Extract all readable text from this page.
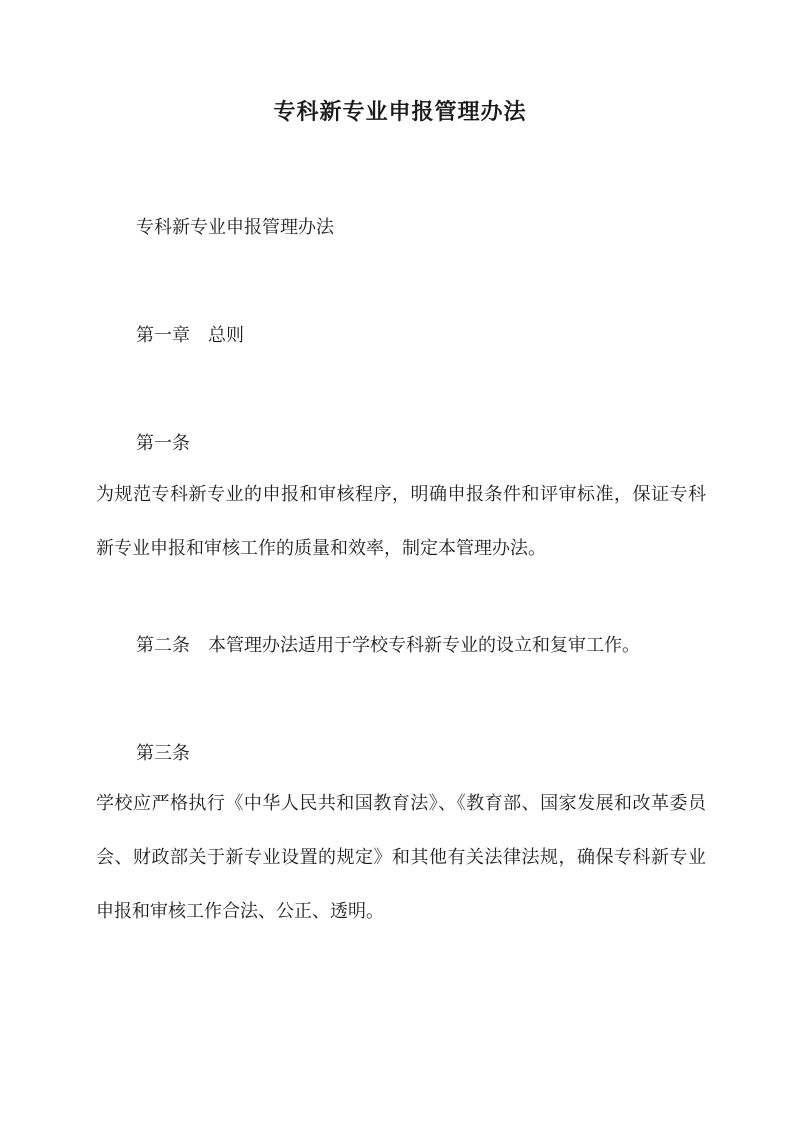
专科新专业申报管理办法
专科新专业申报管理办法
第一章　总则
第一条
为规范专科新专业的申报和审核程序，明确申报条件和评审标准，保证专科新专业申报和审核工作的质量和效率，制定本管理办法。
第二条　本管理办法适用于学校专科新专业的设立和复审工作。
第三条
学校应严格执行《中华人民共和国教育法》、《教育部、国家发展和改革委员会、财政部关于新专业设置的规定》和其他有关法律法规，确保专科新专业申报和审核工作合法、公正、透明。
